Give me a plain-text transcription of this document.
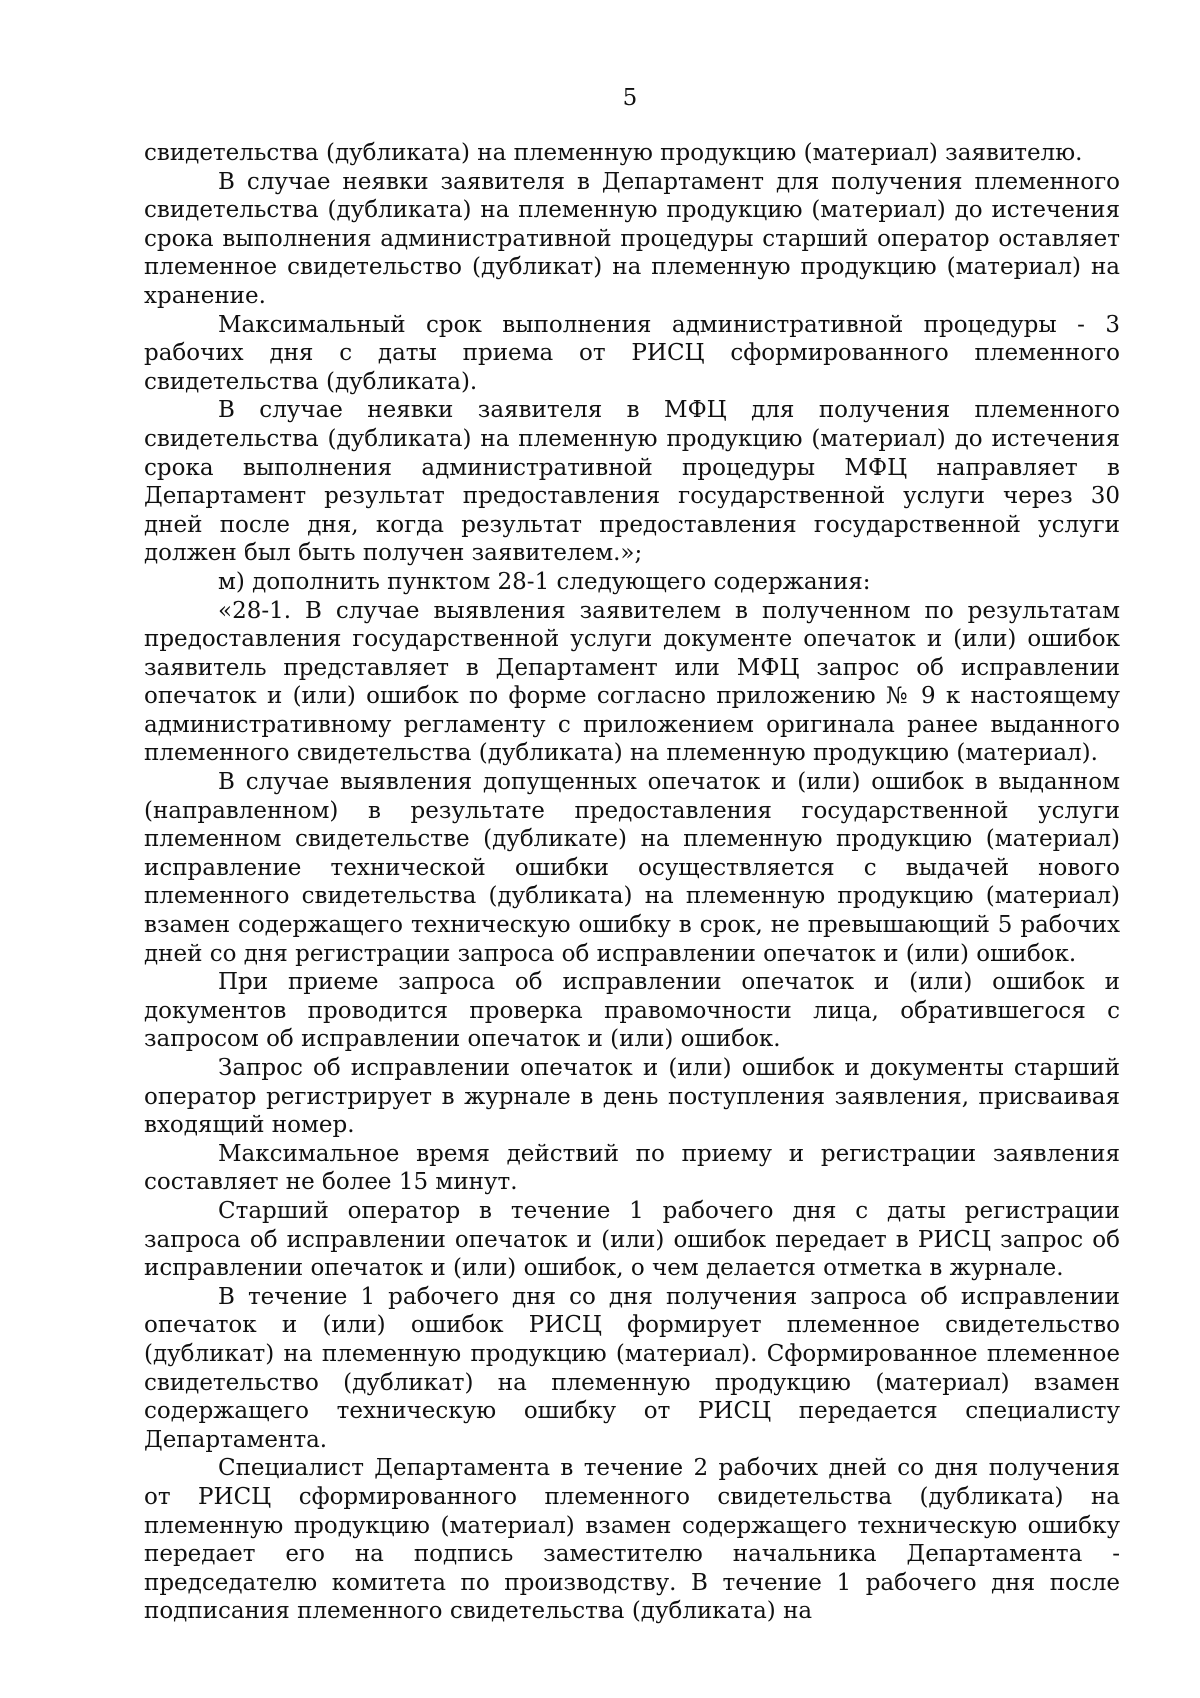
5

свидетельства (дубликата) на племенную продукцию (материал) заявителю.

В случае неявки заявителя в Департамент для получения племенного свидетельства (дубликата) на племенную продукцию (материал) до истечения срока выполнения административной процедуры старший оператор оставляет племенное свидетельство (дубликат) на племенную продукцию (материал) на хранение.

Максимальный срок выполнения административной процедуры - 3 рабочих дня с даты приема от РИСЦ сформированного племенного свидетельства (дубликата).

В случае неявки заявителя в МФЦ для получения племенного свидетельства (дубликата) на племенную продукцию (материал) до истечения срока выполнения административной процедуры МФЦ направляет в Департамент результат предоставления государственной услуги через 30 дней после дня, когда результат предоставления государственной услуги должен был быть получен заявителем.»;

м) дополнить пунктом 28-1 следующего содержания:

«28-1. В случае выявления заявителем в полученном по результатам предоставления государственной услуги документе опечаток и (или) ошибок заявитель представляет в Департамент или МФЦ запрос об исправлении опечаток и (или) ошибок по форме согласно приложению № 9 к настоящему административному регламенту с приложением оригинала ранее выданного племенного свидетельства (дубликата) на племенную продукцию (материал).

В случае выявления допущенных опечаток и (или) ошибок в выданном (направленном) в результате предоставления государственной услуги племенном свидетельстве (дубликате) на племенную продукцию (материал) исправление технической ошибки осуществляется с выдачей нового племенного свидетельства (дубликата) на племенную продукцию (материал) взамен содержащего техническую ошибку в срок, не превышающий 5 рабочих дней со дня регистрации запроса об исправлении опечаток и (или) ошибок.

При приеме запроса об исправлении опечаток и (или) ошибок и документов проводится проверка правомочности лица, обратившегося с запросом об исправлении опечаток и (или) ошибок.

Запрос об исправлении опечаток и (или) ошибок и документы старший оператор регистрирует в журнале в день поступления заявления, присваивая входящий номер.

Максимальное время действий по приему и регистрации заявления составляет не более 15 минут.

Старший оператор в течение 1 рабочего дня с даты регистрации запроса об исправлении опечаток и (или) ошибок передает в РИСЦ запрос об исправлении опечаток и (или) ошибок, о чем делается отметка в журнале.

В течение 1 рабочего дня со дня получения запроса об исправлении опечаток и (или) ошибок РИСЦ формирует племенное свидетельство (дубликат) на племенную продукцию (материал). Сформированное племенное свидетельство (дубликат) на племенную продукцию (материал) взамен содержащего техническую ошибку от РИСЦ передается специалисту Департамента.

Специалист Департамента в течение 2 рабочих дней со дня получения от РИСЦ сформированного племенного свидетельства (дубликата) на племенную продукцию (материал) взамен содержащего техническую ошибку передает его на подпись заместителю начальника Департамента - председателю комитета по производству. В течение 1 рабочего дня после подписания племенного свидетельства (дубликата) на
